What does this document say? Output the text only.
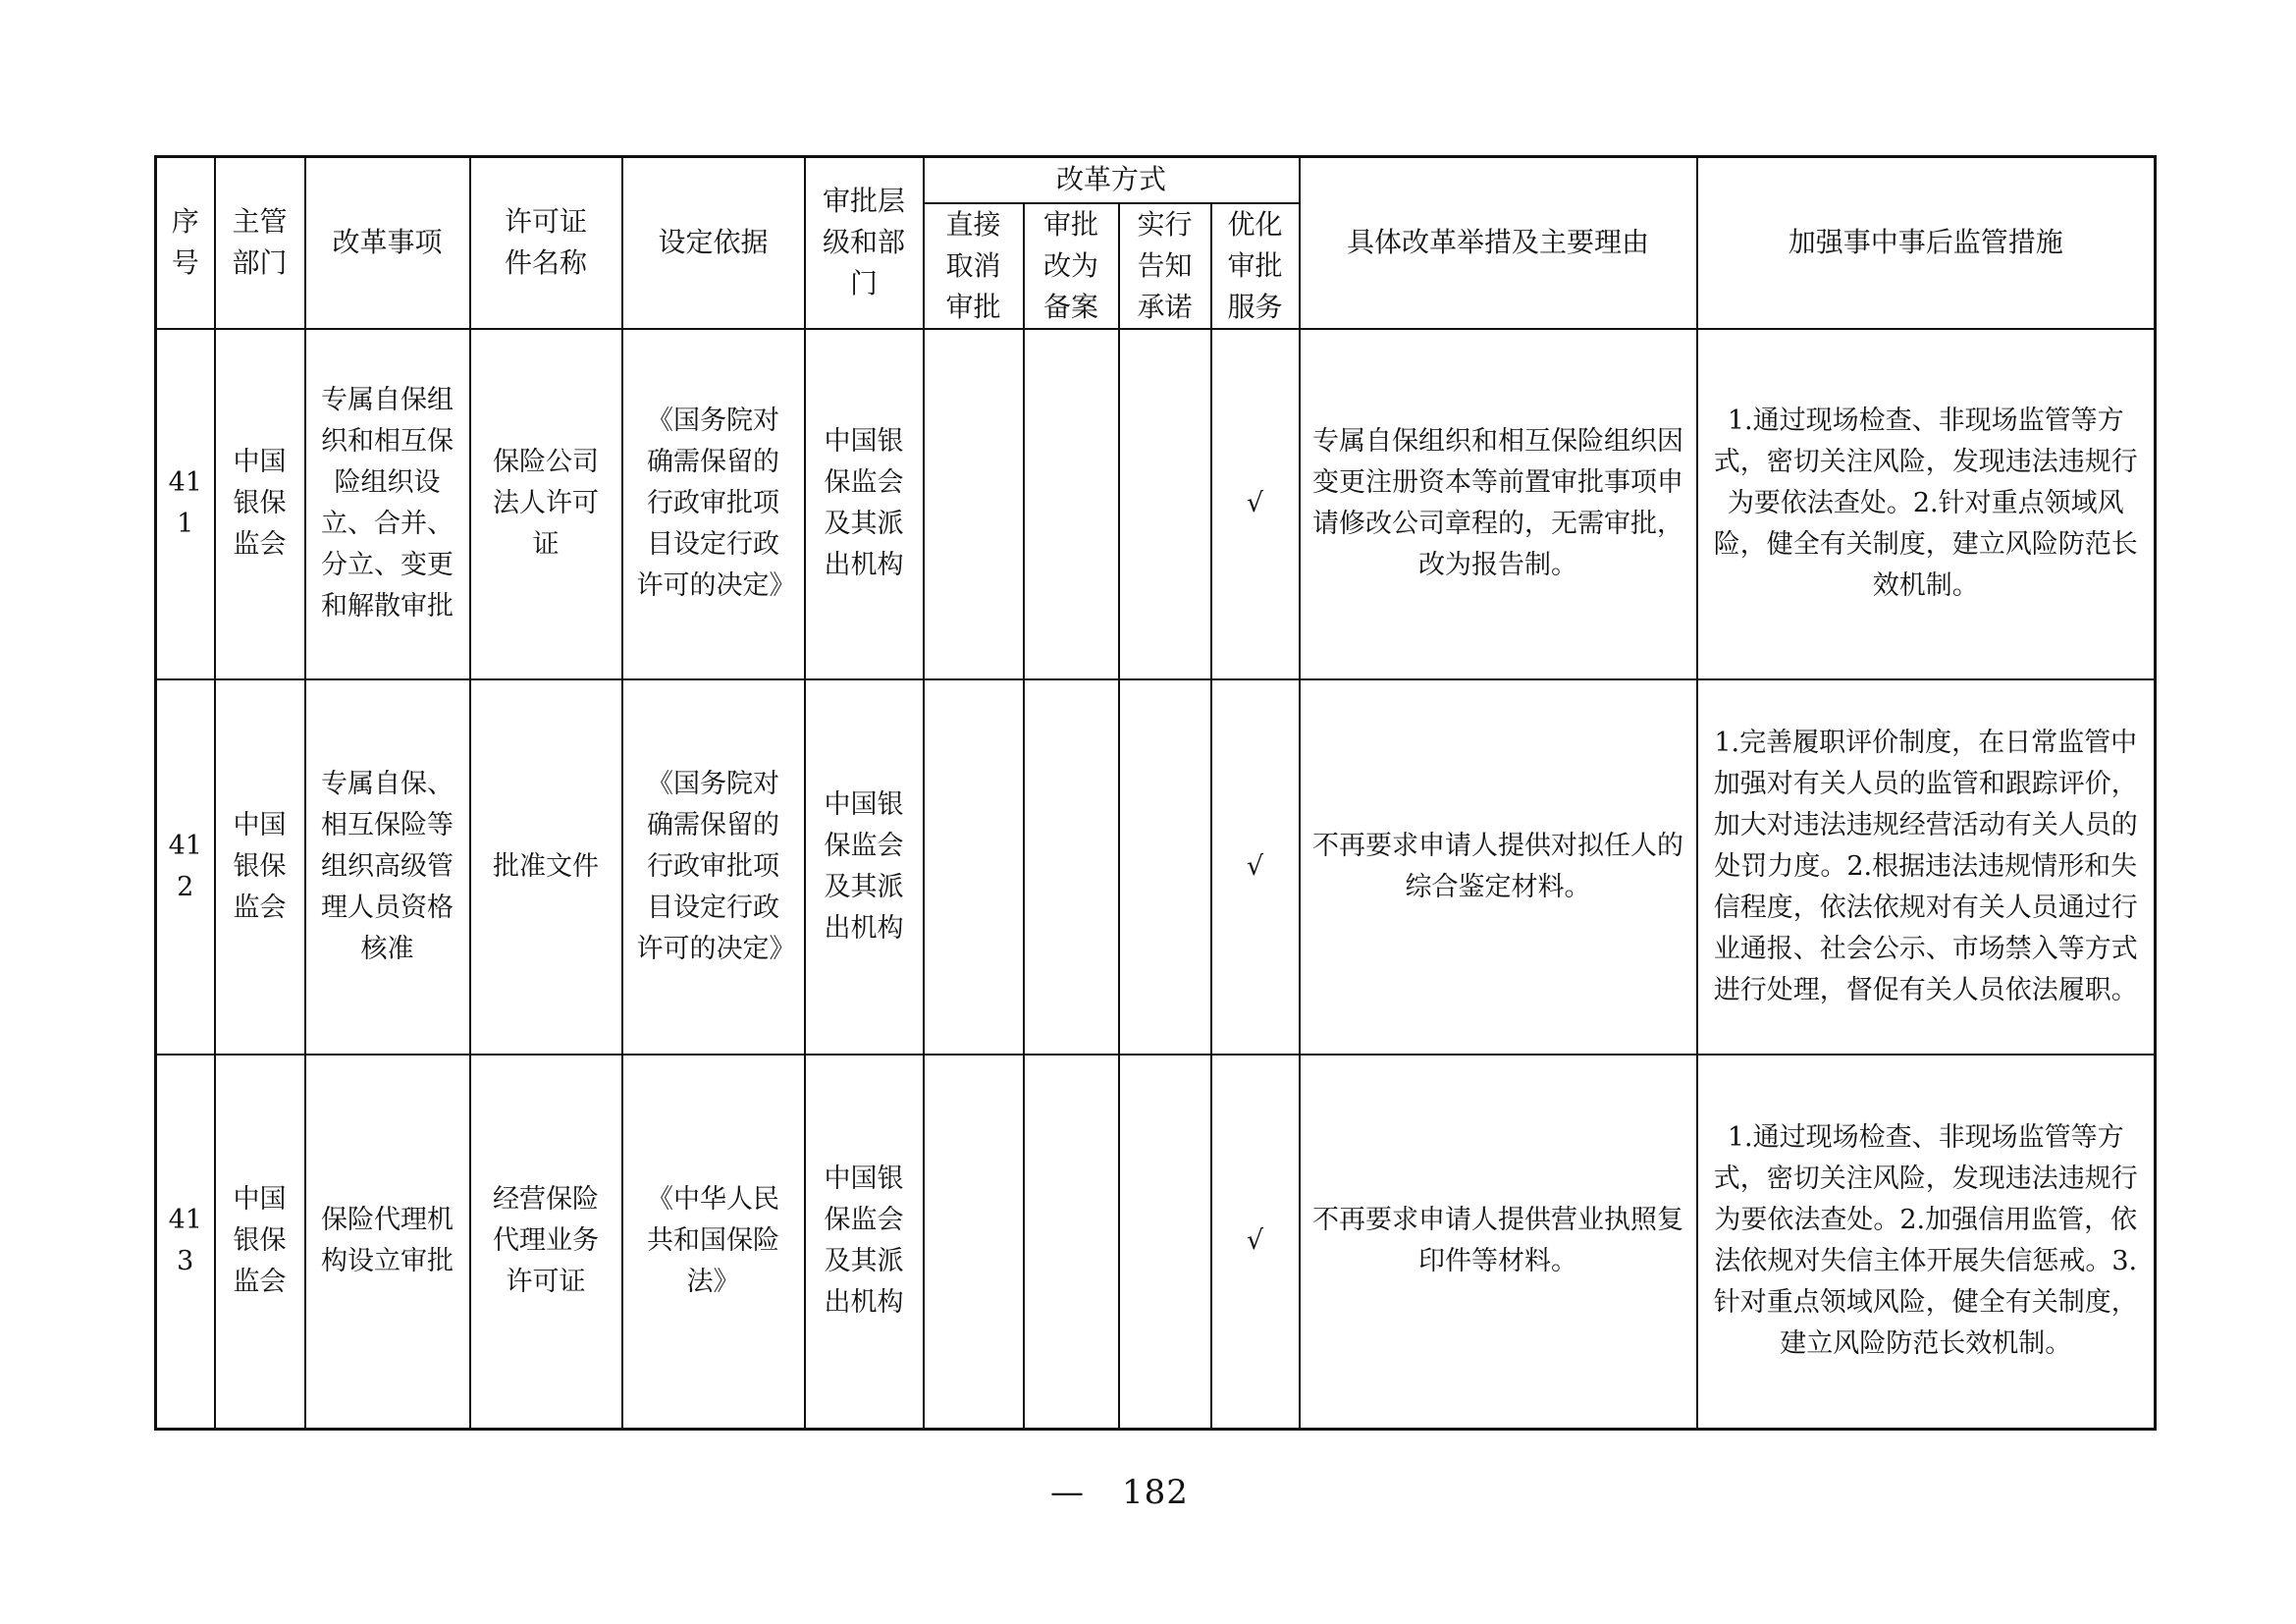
序号	主管部门	改革事项	许可证件名称	设定依据	审批层级和部门	改革方式				具体改革举措及主要理由	加强事中事后监管措施
						直接取消审批	审批改为备案	实行告知承诺	优化审批服务		
411	中国银保监会	专属自保组织和相互保险组织设立、合并、分立、变更和解散审批	保险公司法人许可证	《国务院对确需保留的行政审批项目设定行政许可的决定》	中国银保监会及其派出机构				√	专属自保组织和相互保险组织因变更注册资本等前置审批事项申请修改公司章程的，无需审批，改为报告制。	1.通过现场检查、非现场监管等方式，密切关注风险，发现违法违规行为要依法查处。2.针对重点领域风险，健全有关制度，建立风险防范长效机制。
412	中国银保监会	专属自保、相互保险等组织高级管理人员资格核准	批准文件	《国务院对确需保留的行政审批项目设定行政许可的决定》	中国银保监会及其派出机构				√	不再要求申请人提供对拟任人的综合鉴定材料。	1.完善履职评价制度，在日常监管中加强对有关人员的监管和跟踪评价，加大对违法违规经营活动有关人员的处罚力度。2.根据违法违规情形和失信程度，依法依规对有关人员通过行业通报、社会公示、市场禁入等方式进行处理，督促有关人员依法履职。
413	中国银保监会	保险代理机构设立审批	经营保险代理业务许可证	《中华人民共和国保险法》	中国银保监会及其派出机构				√	不再要求申请人提供营业执照复印件等材料。	1.通过现场检查、非现场监管等方式，密切关注风险，发现违法违规行为要依法查处。2.加强信用监管，依法依规对失信主体开展失信惩戒。3.针对重点领域风险，健全有关制度，建立风险防范长效机制。
— 182
